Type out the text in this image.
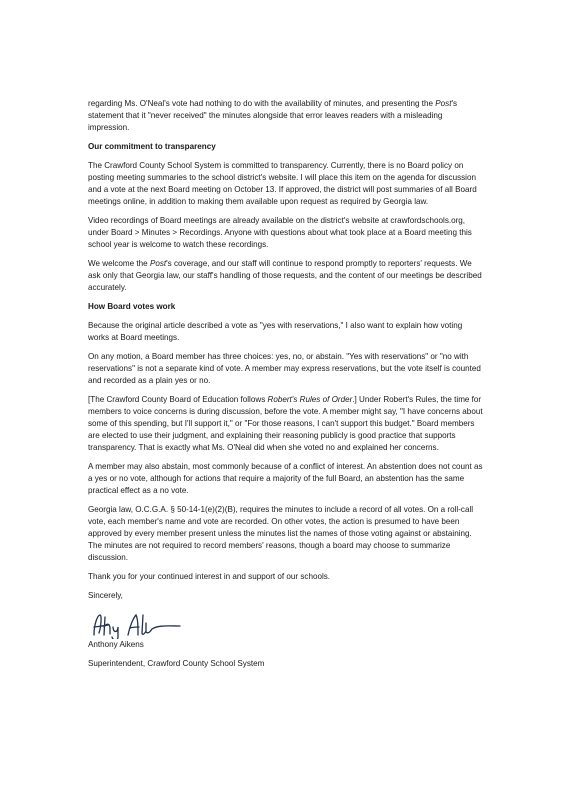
regarding Ms. O'Neal's vote had nothing to do with the availability of minutes, and presenting the Post's statement that it "never received" the minutes alongside that error leaves readers with a misleading impression.

Our commitment to transparency

The Crawford County School System is committed to transparency. Currently, there is no Board policy on posting meeting summaries to the school district's website. I will place this item on the agenda for discussion and a vote at the next Board meeting on October 13. If approved, the district will post summaries of all Board meetings online, in addition to making them available upon request as required by Georgia law.

Video recordings of Board meetings are already available on the district's website at crawfordschools.org, under Board > Minutes > Recordings. Anyone with questions about what took place at a Board meeting this school year is welcome to watch these recordings.

We welcome the Post's coverage, and our staff will continue to respond promptly to reporters' requests. We ask only that Georgia law, our staff's handling of those requests, and the content of our meetings be described accurately.

How Board votes work

Because the original article described a vote as "yes with reservations," I also want to explain how voting works at Board meetings.

On any motion, a Board member has three choices: yes, no, or abstain. "Yes with reservations" or "no with reservations" is not a separate kind of vote. A member may express reservations, but the vote itself is counted and recorded as a plain yes or no.

[The Crawford County Board of Education follows Robert's Rules of Order.] Under Robert's Rules, the time for members to voice concerns is during discussion, before the vote. A member might say, "I have concerns about some of this spending, but I'll support it," or "For those reasons, I can't support this budget." Board members are elected to use their judgment, and explaining their reasoning publicly is good practice that supports transparency. That is exactly what Ms. O'Neal did when she voted no and explained her concerns.

A member may also abstain, most commonly because of a conflict of interest. An abstention does not count as a yes or no vote, although for actions that require a majority of the full Board, an abstention has the same practical effect as a no vote.

Georgia law, O.C.G.A. § 50-14-1(e)(2)(B), requires the minutes to include a record of all votes. On a roll-call vote, each member's name and vote are recorded. On other votes, the action is presumed to have been approved by every member present unless the minutes list the names of those voting against or abstaining. The minutes are not required to record members' reasons, though a board may choose to summarize discussion.

Thank you for your continued interest in and support of our schools.

Sincerely,

Anthony Aikens

Superintendent, Crawford County School System
